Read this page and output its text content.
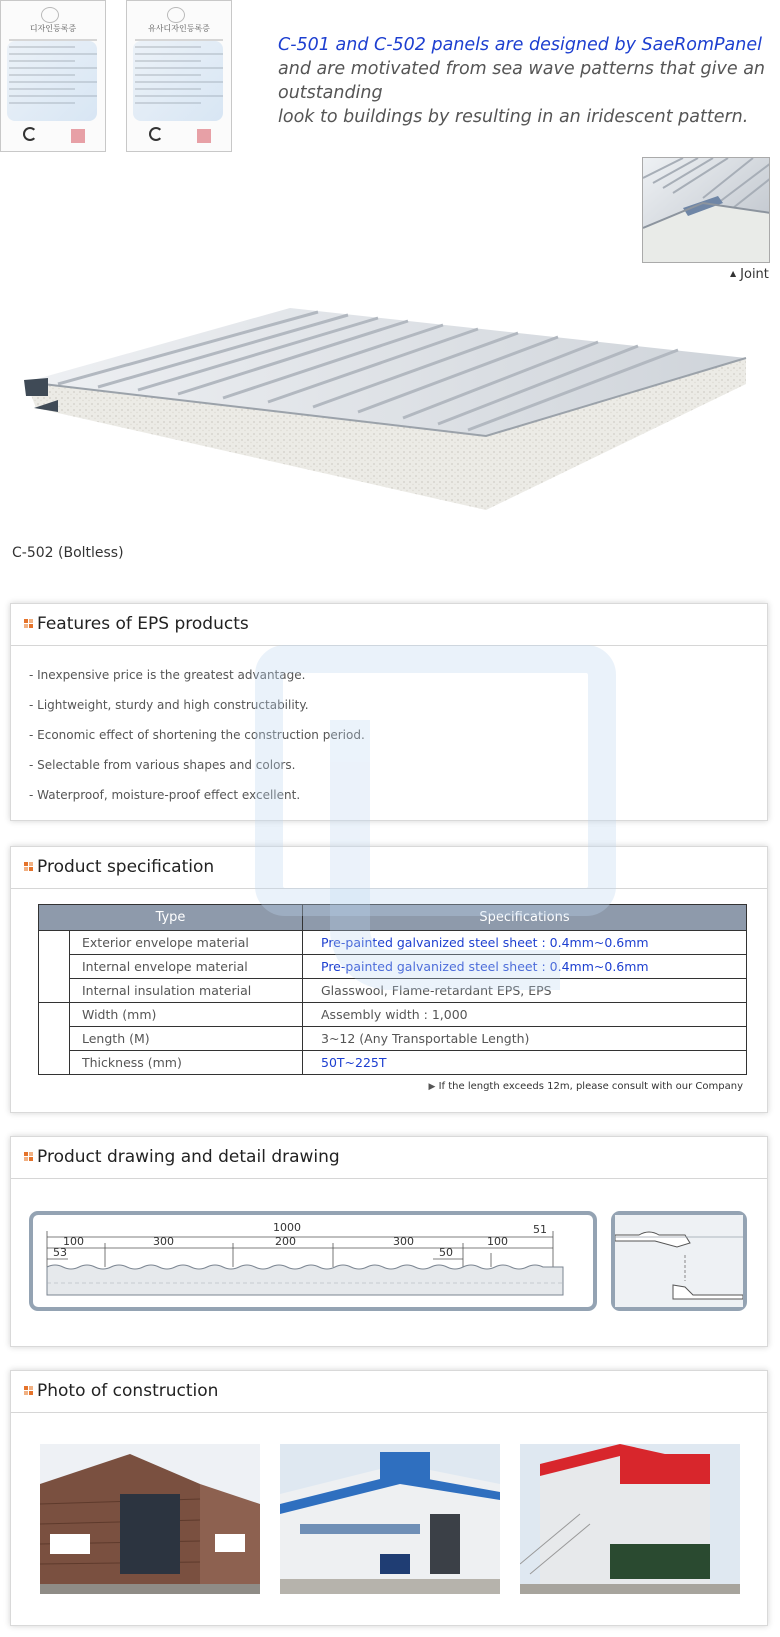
디자인등록증	유사디자인등록증
C-501 and C-502 panels are designed by SaeRomPanel
and are motivated from sea wave patterns that give an outstanding
look to buildings by resulting in an iridescent pattern.
▲ Joint
C-502 (Boltless)
Features of EPS products
- Inexpensive price is the greatest advantage.
- Lightweight, sturdy and high constructability.
- Economic effect of shortening the construction period.
- Selectable from various shapes and colors.
- Waterproof, moisture-proof effect excellent.
Product specification
Type		Specifications
Material	Exterior envelope material	Pre-painted galvanized steel sheet : 0.4mm~0.6mm
	Internal envelope material	Pre-painted galvanized steel sheet : 0.4mm~0.6mm
	Internal insulation material	Glasswool, Flame-retardant EPS, EPS
Standard	Width (mm)	Assembly width : 1,000
	Length (M)	3~12 (Any Transportable Length)
	Thickness (mm)	50T~225T
▶ If the length exceeds 12m, please consult with our Company
Product drawing and detail drawing
1000
100
53
300	200	300
50
100
51
Photo of construction
